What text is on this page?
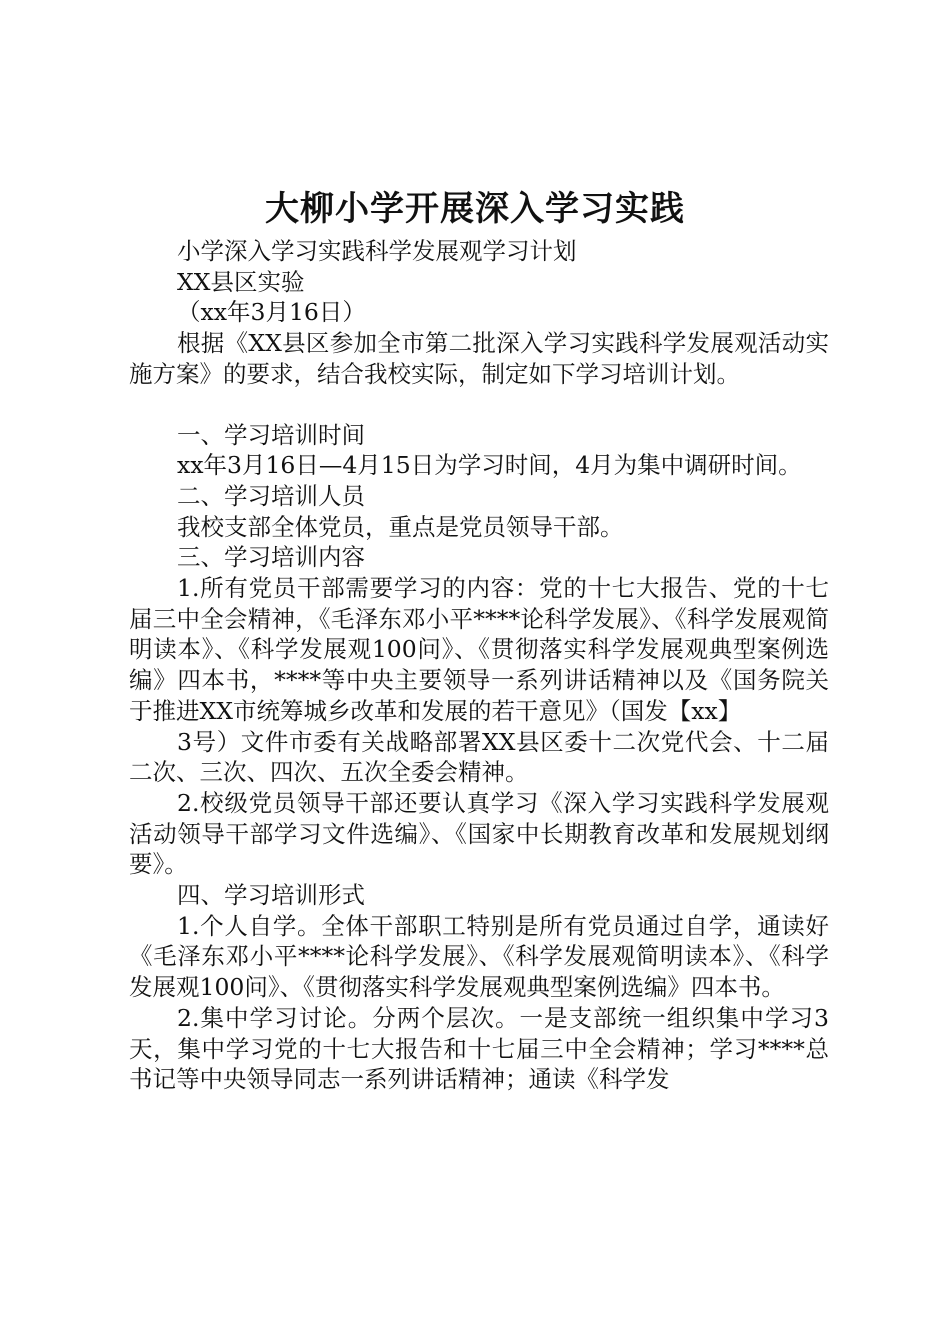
大柳小学开展深入学习实践

小学深入学习实践科学发展观学习计划

XX县区实验

（xx年3月16日）

根据《XX县区参加全市第二批深入学习实践科学发展观活动实施方案》的要求，结合我校实际，制定如下学习培训计划。

一、学习培训时间

xx年3月16日—4月15日为学习时间，4月为集中调研时间。

二、学习培训人员

我校支部全体党员，重点是党员领导干部。

三、学习培训内容

1.所有党员干部需要学习的内容：党的十七大报告、党的十七届三中全会精神，《毛泽东邓小平****论科学发展》、《科学发展观简明读本》、《科学发展观100问》、《贯彻落实科学发展观典型案例选编》四本书，****等中央主要领导一系列讲话精神以及《国务院关于推进XX市统筹城乡改革和发展的若干意见》（国发【xx】

3号）文件市委有关战略部署XX县区委十二次党代会、十二届二次、三次、四次、五次全委会精神。

2.校级党员领导干部还要认真学习《深入学习实践科学发展观活动领导干部学习文件选编》、《国家中长期教育改革和发展规划纲要》。

四、学习培训形式

1.个人自学。全体干部职工特别是所有党员通过自学，通读好《毛泽东邓小平****论科学发展》、《科学发展观简明读本》、《科学发展观100问》、《贯彻落实科学发展观典型案例选编》四本书。

2.集中学习讨论。分两个层次。一是支部统一组织集中学习3天，集中学习党的十七大报告和十七届三中全会精神；学习****总书记等中央领导同志一系列讲话精神；通读《科学发
